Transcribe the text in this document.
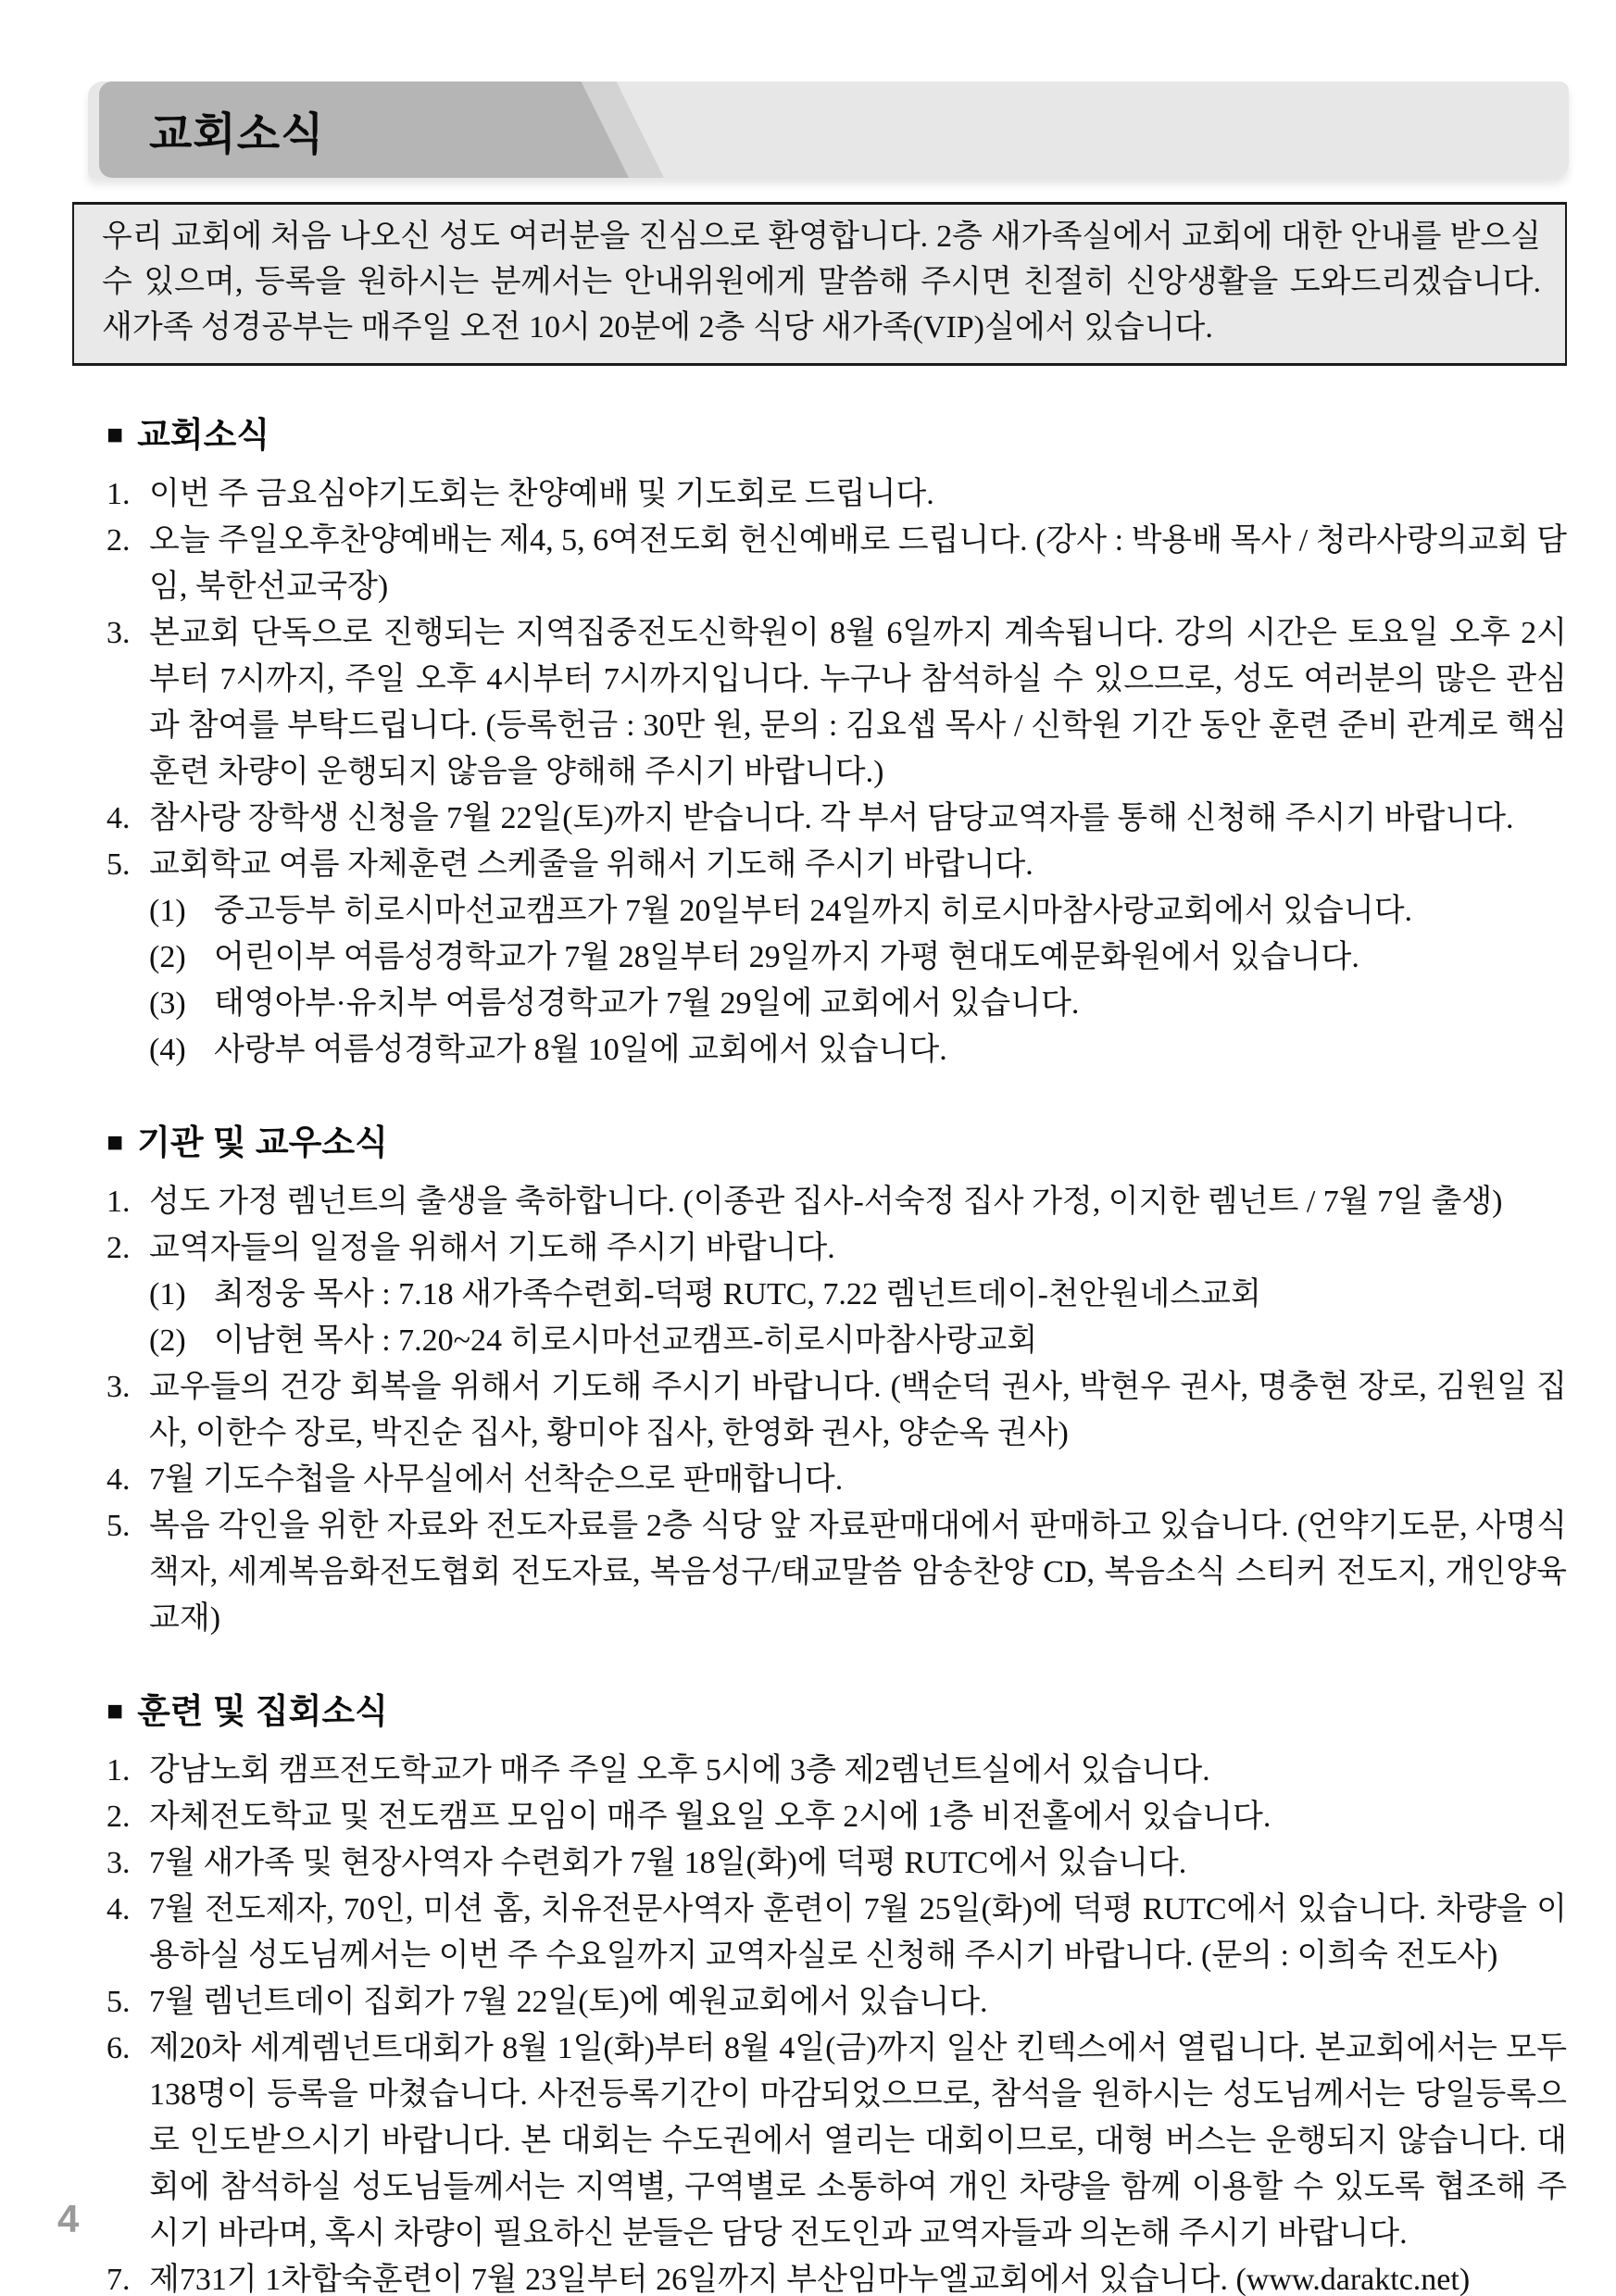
교회소식
우리 교회에 처음 나오신 성도 여러분을 진심으로 환영합니다. 2층 새가족실에서 교회에 대한 안내를 받으실 수 있으며, 등록을 원하시는 분께서는 안내위원에게 말씀해 주시면 친절히 신앙생활을 도와드리겠습니다. 새가족 성경공부는 매주일 오전 10시 20분에 2층 식당 새가족(VIP)실에서 있습니다.
■ 교회소식
1. 이번 주 금요심야기도회는 찬양예배 및 기도회로 드립니다.
2. 오늘 주일오후찬양예배는 제4, 5, 6여전도회 헌신예배로 드립니다. (강사 : 박용배 목사 / 청라사랑의교회 담임, 북한선교국장)
3. 본교회 단독으로 진행되는 지역집중전도신학원이 8월 6일까지 계속됩니다. 강의 시간은 토요일 오후 2시부터 7시까지, 주일 오후 4시부터 7시까지입니다. 누구나 참석하실 수 있으므로, 성도 여러분의 많은 관심과 참여를 부탁드립니다. (등록헌금 : 30만 원, 문의 : 김요셉 목사 / 신학원 기간 동안 훈련 준비 관계로 핵심훈련 차량이 운행되지 않음을 양해해 주시기 바랍니다.)
4. 참사랑 장학생 신청을 7월 22일(토)까지 받습니다. 각 부서 담당교역자를 통해 신청해 주시기 바랍니다.
5. 교회학교 여름 자체훈련 스케줄을 위해서 기도해 주시기 바랍니다.
(1) 중고등부 히로시마선교캠프가 7월 20일부터 24일까지 히로시마참사랑교회에서 있습니다.
(2) 어린이부 여름성경학교가 7월 28일부터 29일까지 가평 현대도예문화원에서 있습니다.
(3) 태영아부·유치부 여름성경학교가 7월 29일에 교회에서 있습니다.
(4) 사랑부 여름성경학교가 8월 10일에 교회에서 있습니다.
■ 기관 및 교우소식
1. 성도 가정 렘넌트의 출생을 축하합니다. (이종관 집사-서숙정 집사 가정, 이지한 렘넌트 / 7월 7일 출생)
2. 교역자들의 일정을 위해서 기도해 주시기 바랍니다.
(1) 최정웅 목사 : 7.18 새가족수련회-덕평 RUTC, 7.22 렘넌트데이-천안원네스교회
(2) 이남현 목사 : 7.20~24 히로시마선교캠프-히로시마참사랑교회
3. 교우들의 건강 회복을 위해서 기도해 주시기 바랍니다. (백순덕 권사, 박현우 권사, 명충현 장로, 김원일 집사, 이한수 장로, 박진순 집사, 황미야 집사, 한영화 권사, 양순옥 권사)
4. 7월 기도수첩을 사무실에서 선착순으로 판매합니다.
5. 복음 각인을 위한 자료와 전도자료를 2층 식당 앞 자료판매대에서 판매하고 있습니다. (언약기도문, 사명식 책자, 세계복음화전도협회 전도자료, 복음성구/태교말씀 암송찬양 CD, 복음소식 스티커 전도지, 개인양육교재)
■ 훈련 및 집회소식
1. 강남노회 캠프전도학교가 매주 주일 오후 5시에 3층 제2렘넌트실에서 있습니다.
2. 자체전도학교 및 전도캠프 모임이 매주 월요일 오후 2시에 1층 비전홀에서 있습니다.
3. 7월 새가족 및 현장사역자 수련회가 7월 18일(화)에 덕평 RUTC에서 있습니다.
4. 7월 전도제자, 70인, 미션 홈, 치유전문사역자 훈련이 7월 25일(화)에 덕평 RUTC에서 있습니다. 차량을 이용하실 성도님께서는 이번 주 수요일까지 교역자실로 신청해 주시기 바랍니다. (문의 : 이희숙 전도사)
5. 7월 렘넌트데이 집회가 7월 22일(토)에 예원교회에서 있습니다.
6. 제20차 세계렘넌트대회가 8월 1일(화)부터 8월 4일(금)까지 일산 킨텍스에서 열립니다. 본교회에서는 모두 138명이 등록을 마쳤습니다. 사전등록기간이 마감되었으므로, 참석을 원하시는 성도님께서는 당일등록으로 인도받으시기 바랍니다. 본 대회는 수도권에서 열리는 대회이므로, 대형 버스는 운행되지 않습니다. 대회에 참석하실 성도님들께서는 지역별, 구역별로 소통하여 개인 차량을 함께 이용할 수 있도록 협조해 주시기 바라며, 혹시 차량이 필요하신 분들은 담당 전도인과 교역자들과 의논해 주시기 바랍니다.
7. 제731기 1차합숙훈련이 7월 23일부터 26일까지 부산임마누엘교회에서 있습니다. (www.daraktc.net)
4
